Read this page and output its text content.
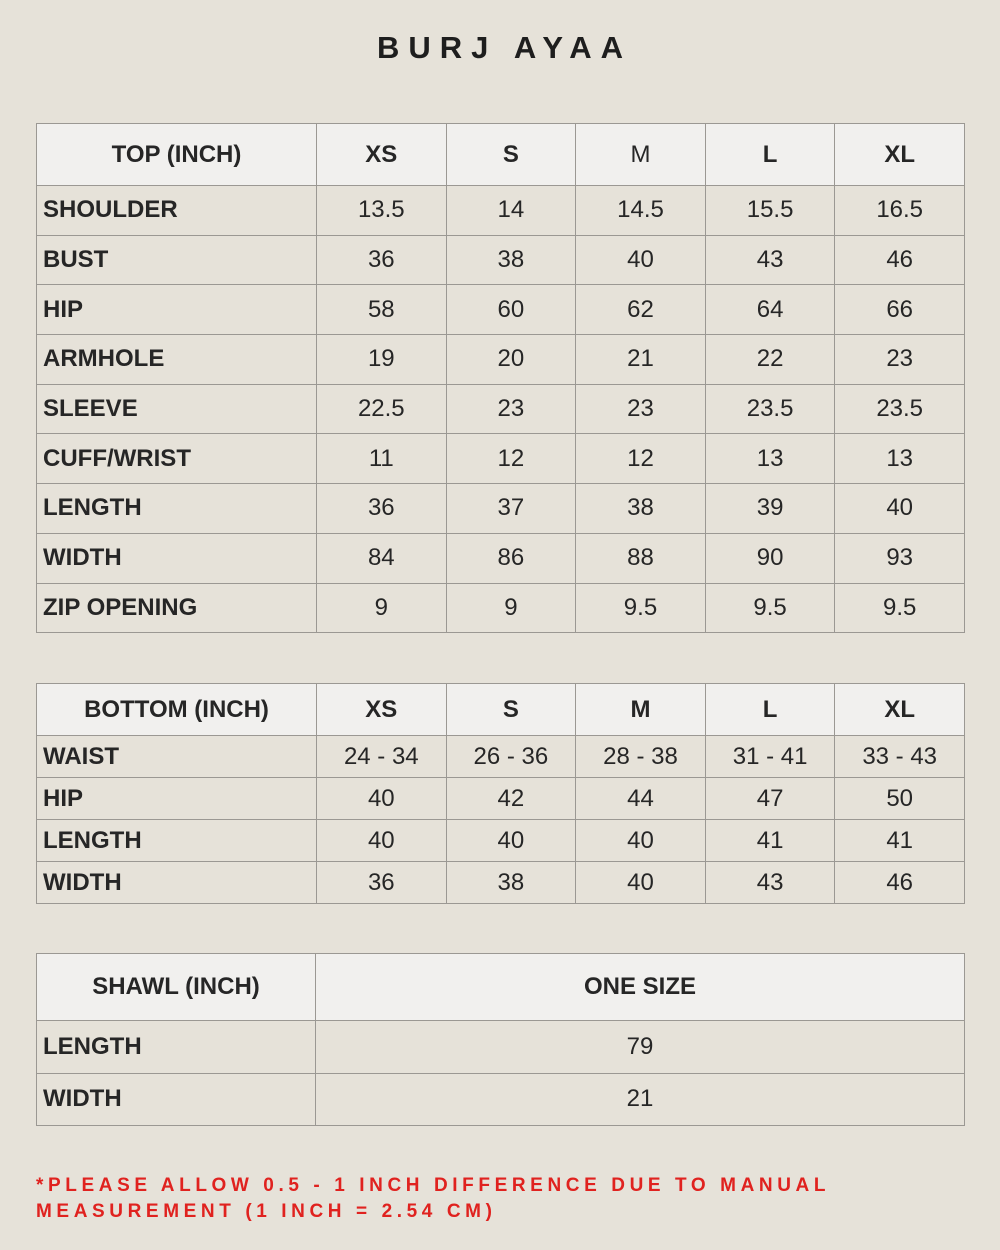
BURJ AYAA
TOP (INCH)	XS	S	M	L	XL
SHOULDER	13.5	14	14.5	15.5	16.5
BUST	36	38	40	43	46
HIP	58	60	62	64	66
ARMHOLE	19	20	21	22	23
SLEEVE	22.5	23	23	23.5	23.5
CUFF/WRIST	11	12	12	13	13
LENGTH	36	37	38	39	40
WIDTH	84	86	88	90	93
ZIP OPENING	9	9	9.5	9.5	9.5
BOTTOM (INCH)	XS	S	M	L	XL
WAIST	24 - 34	26 - 36	28 - 38	31 - 41	33 - 43
HIP	40	42	44	47	50
LENGTH	40	40	40	41	41
WIDTH	36	38	40	43	46
SHAWL (INCH)	ONE SIZE
LENGTH	79
WIDTH	21
*PLEASE ALLOW 0.5 - 1 INCH DIFFERENCE DUE TO MANUAL MEASUREMENT (1 INCH = 2.54 CM)
